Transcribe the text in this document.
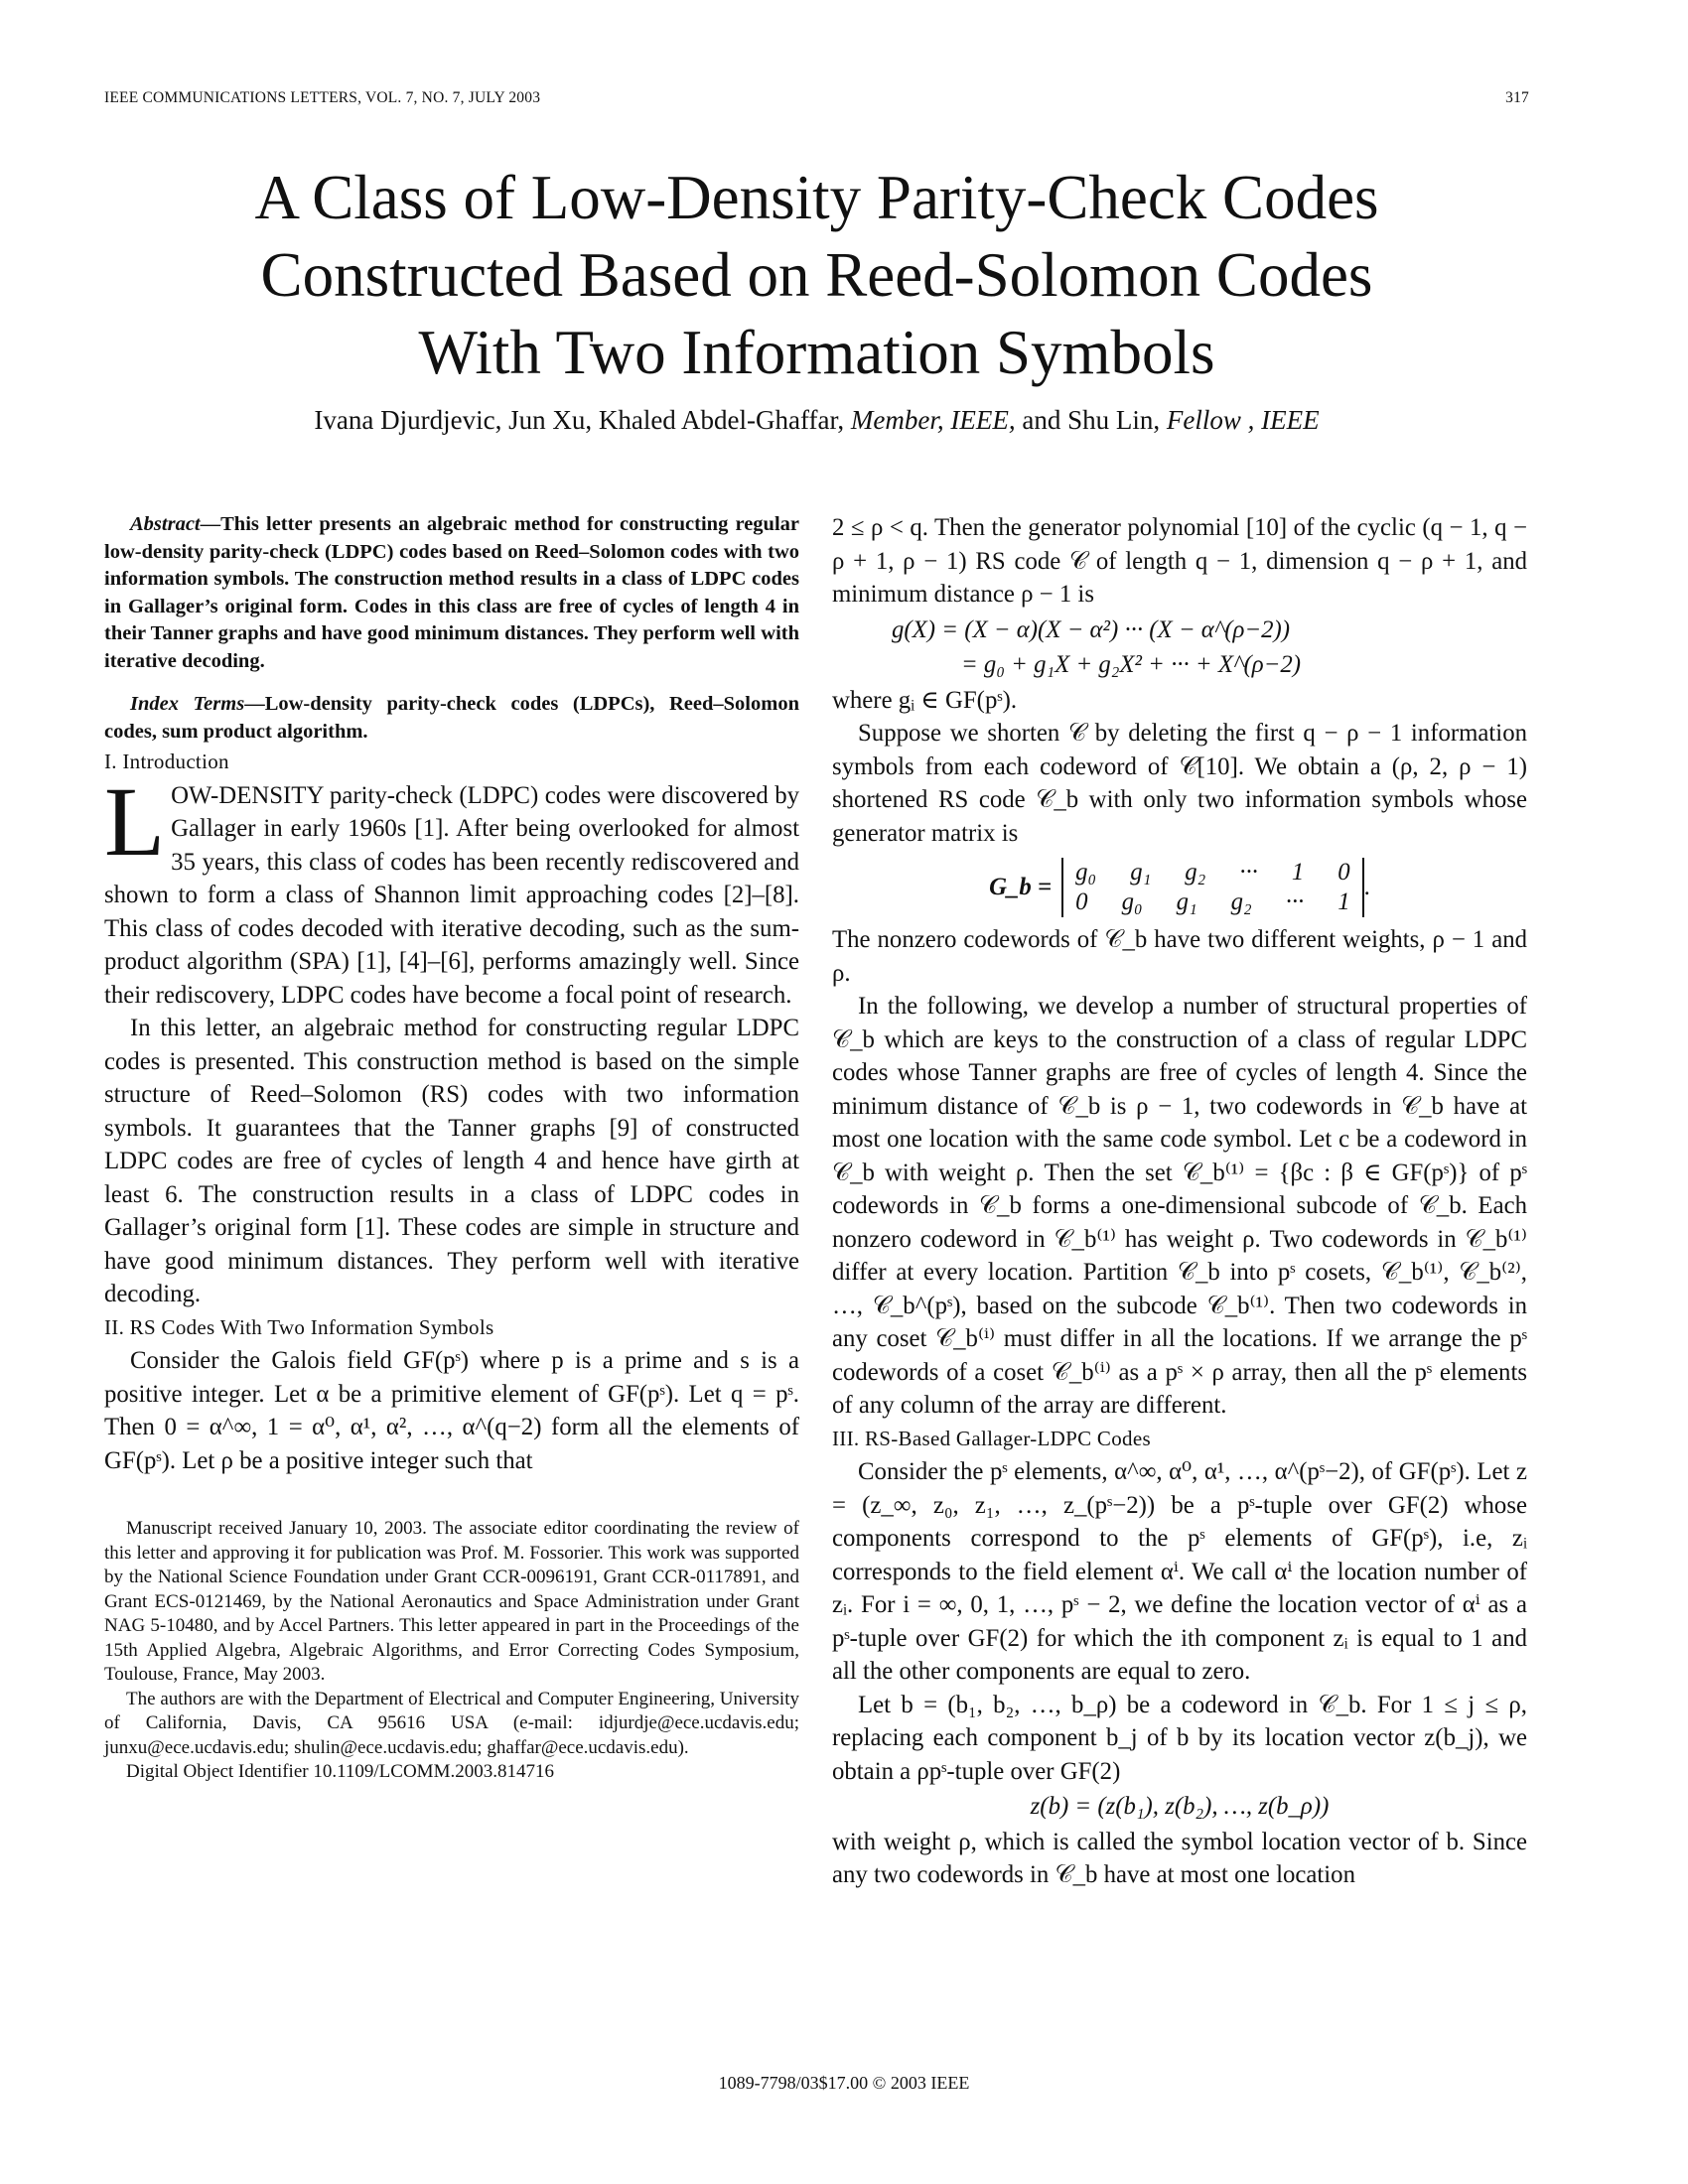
IEEE COMMUNICATIONS LETTERS, VOL. 7, NO. 7, JULY 2003	317
A Class of Low-Density Parity-Check Codes
Constructed Based on Reed-Solomon Codes
With Two Information Symbols
Ivana Djurdjevic, Jun Xu, Khaled Abdel-Ghaffar, Member, IEEE, and Shu Lin, Fellow , IEEE

Abstract—This letter presents an algebraic method for constructing regular low-density parity-check (LDPC) codes based on Reed–Solomon codes with two information symbols. The construction method results in a class of LDPC codes in Gallager’s original form. Codes in this class are free of cycles of length 4 in their Tanner graphs and have good minimum distances. They perform well with iterative decoding.

Index Terms—Low-density parity-check codes (LDPCs), Reed–Solomon codes, sum product algorithm.

I. Introduction

LOW-DENSITY parity-check (LDPC) codes were discovered by Gallager in early 1960s [1]. After being overlooked for almost 35 years, this class of codes has been recently rediscovered and shown to form a class of Shannon limit approaching codes [2]–[8]. This class of codes decoded with iterative decoding, such as the sum-product algorithm (SPA) [1], [4]–[6], performs amazingly well. Since their rediscovery, LDPC codes have become a focal point of research.

In this letter, an algebraic method for constructing regular LDPC codes is presented. This construction method is based on the simple structure of Reed–Solomon (RS) codes with two information symbols. It guarantees that the Tanner graphs [9] of constructed LDPC codes are free of cycles of length 4 and hence have girth at least 6. The construction results in a class of LDPC codes in Gallager’s original form [1]. These codes are simple in structure and have good minimum distances. They perform well with iterative decoding.

II. RS Codes With Two Information Symbols

Consider the Galois field GF(pˢ) where p is a prime and s is a positive integer. Let α be a primitive element of GF(pˢ). Let q = pˢ. Then 0 = α^∞, 1 = α⁰, α¹, α², …, α^(q−2) form all the elements of GF(pˢ). Let ρ be a positive integer such that

Manuscript received January 10, 2003. The associate editor coordinating the review of this letter and approving it for publication was Prof. M. Fossorier. This work was supported by the National Science Foundation under Grant CCR-0096191, Grant CCR-0117891, and Grant ECS-0121469, by the National Aeronautics and Space Administration under Grant NAG 5-10480, and by Accel Partners. This letter appeared in part in the Proceedings of the 15th Applied Algebra, Algebraic Algorithms, and Error Correcting Codes Symposium, Toulouse, France, May 2003.

The authors are with the Department of Electrical and Computer Engineering, University of California, Davis, CA 95616 USA (e-mail: idjurdje@ece.ucdavis.edu; junxu@ece.ucdavis.edu; shulin@ece.ucdavis.edu; ghaffar@ece.ucdavis.edu).

Digital Object Identifier 10.1109/LCOMM.2003.814716

2 ≤ ρ < q. Then the generator polynomial [10] of the cyclic (q − 1, q − ρ + 1, ρ − 1) RS code 𝒞 of length q − 1, dimension q − ρ + 1, and minimum distance ρ − 1 is

g(X) = (X − α)(X − α²) ··· (X − α^(ρ−2))
= g₀ + g₁X + g₂X² + ··· + X^(ρ−2)

where gᵢ ∈ GF(pˢ).

Suppose we shorten 𝒞 by deleting the first q − ρ − 1 information symbols from each codeword of 𝒞[10]. We obtain a (ρ, 2, ρ − 1) shortened RS code 𝒞_b with only two information symbols whose generator matrix is

G_b =
g₀ g₁ g₂ ··· 1 0
0 g₀ g₁ g₂ ··· 1
.

The nonzero codewords of 𝒞_b have two different weights, ρ − 1 and ρ.

In the following, we develop a number of structural properties of 𝒞_b which are keys to the construction of a class of regular LDPC codes whose Tanner graphs are free of cycles of length 4. Since the minimum distance of 𝒞_b is ρ − 1, two codewords in 𝒞_b have at most one location with the same code symbol. Let c be a codeword in 𝒞_b with weight ρ. Then the set 𝒞_b⁽¹⁾ = {βc : β ∈ GF(pˢ)} of pˢ codewords in 𝒞_b forms a one-dimensional subcode of 𝒞_b. Each nonzero codeword in 𝒞_b⁽¹⁾ has weight ρ. Two codewords in 𝒞_b⁽¹⁾ differ at every location. Partition 𝒞_b into pˢ cosets, 𝒞_b⁽¹⁾, 𝒞_b⁽²⁾, …, 𝒞_b^(pˢ), based on the subcode 𝒞_b⁽¹⁾. Then two codewords in any coset 𝒞_b⁽ⁱ⁾ must differ in all the locations. If we arrange the pˢ codewords of a coset 𝒞_b⁽ⁱ⁾ as a pˢ × ρ array, then all the pˢ elements of any column of the array are different.

III. RS-Based Gallager-LDPC Codes

Consider the pˢ elements, α^∞, α⁰, α¹, …, α^(pˢ−2), of GF(pˢ). Let z = (z_∞, z₀, z₁, …, z_(pˢ−2)) be a pˢ-tuple over GF(2) whose components correspond to the pˢ elements of GF(pˢ), i.e, zᵢ corresponds to the field element αⁱ. We call αⁱ the location number of zᵢ. For i = ∞, 0, 1, …, pˢ − 2, we define the location vector of αⁱ as a pˢ-tuple over GF(2) for which the ith component zᵢ is equal to 1 and all the other components are equal to zero.

Let b = (b₁, b₂, …, b_ρ) be a codeword in 𝒞_b. For 1 ≤ j ≤ ρ, replacing each component b_j of b by its location vector z(b_j), we obtain a ρpˢ-tuple over GF(2)

z(b) = (z(b₁), z(b₂), …, z(b_ρ))

with weight ρ, which is called the symbol location vector of b. Since any two codewords in 𝒞_b have at most one location

1089-7798/03$17.00 © 2003 IEEE
